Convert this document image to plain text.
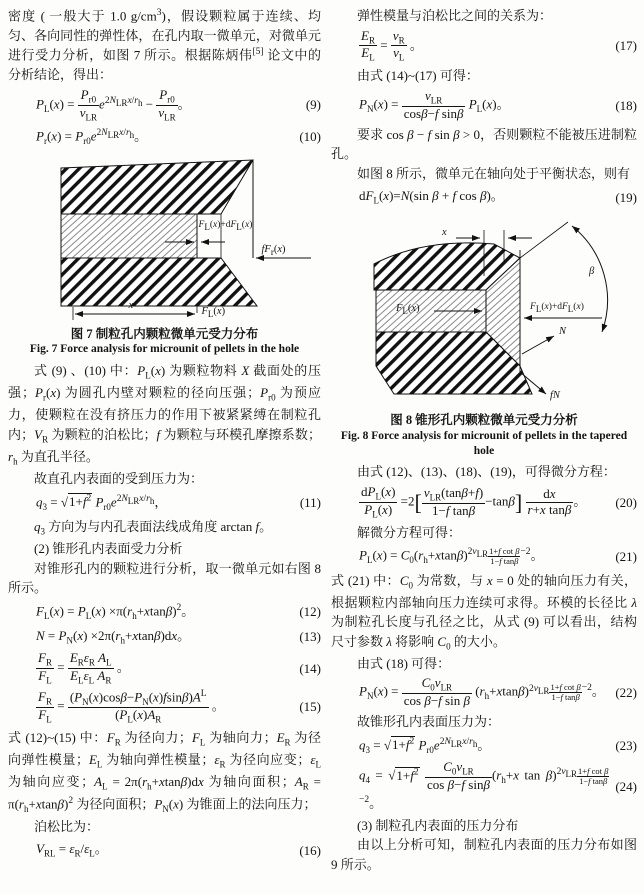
密度 ( 一般大于 1.0 $g/cm^3$)，假设颗粒属于连续、均匀、各向同性的弹性体，在孔内取一微单元，对微单元进行受力分析，如图 7 所示。根据陈炳伟[5] 论文中的分析结论，得出：

$P_L(x) = \frac{P_{r0}}{\nu_{LR}} e^{2N_{LR}x/r_h} - \frac{P_{r0}}{\nu_{LR}}$ 。	(9)
$P_r(x) = P_{r0}e^{2N_{LR}x/r_h}$。	(10)
$F_L(x)+dF_L(x)$
$fF_r(x)$
x
$F_L(x)$
图 7 制粒孔内颗粒微单元受力分布
Fig. 7 Force analysis for microunit of pellets in the hole

式 (9) 、(10) 中：$P_L(x)$ 为颗粒物料 X 截面处的压强；$P_r(x)$ 为圆孔内壁对颗粒的径向压强；$P_{r0}$ 为预应力，使颗粒在没有挤压力的作用下被紧紧缚在制粒孔内；$V_R$ 为颗粒的泊松比；f 为颗粒与环模孔摩擦系数；$r_h$ 为直孔半径。

故直孔内表面的受到压力为：

$q_3 = √1+f^2$ $P_{r0}e^{2N_{LR}x/r_h}$，	(11)

$q_3$ 方向为与内孔表面法线成角度 arctan f。

(2) 锥形孔内表面受力分析

对锥形孔内的颗粒进行分析，取一微单元如右图 8 所示。

$F_L(x) = P_L(x) \times\pi(r_h+xtan\beta)^2$。	(12)
$N = P_N(x) \times 2\pi(r_h+xtan\beta)dx$。	(13)
$\frac{F_R}{F_L} = \frac{E_R\varepsilon_R A_L}{E_L\varepsilon_L A_R}$ 。	(14)
$\frac{F_R}{F_L} = \frac{(P_N(x)\cos\beta-P_N(x)fsin\beta)A^L}{(P_L(x)A_R}$ 。	(15)

式 (12)~(15) 中：$F_R$ 为径向力；$F_L$ 为轴向力；$E_R$ 为径向弹性模量；$E_L$ 为轴向弹性模量；$\varepsilon_R$ 为径向应变；$\varepsilon_L$ 为轴向应变；$A_L = 2\pi(r_h+xtan\beta)dx$ 为轴向面积；$A_R = \pi(r_h+xtan\beta)^2$ 为径向面积；$P_N(x)$ 为锥面上的法向压力；

泊松比为：

$V_{RL} = \varepsilon_R/\varepsilon_L$。	(16)

弹性模量与泊松比之间的关系为：

$\frac{E_R}{E_L} = \frac{\nu_R}{\nu_L}$ 。	(17)

由式 (14)~(17) 可得：

$P_N(x) = \frac{\nu_{LR}}{\text{cosβ−f sinβ}} P_L(x)$。	(18)

要求 cos β − f sin β > 0，否则颗粒不能被压进制粒孔。

如图 8 所示，微单元在轴向处于平衡状态，则有

$dF_L(x)=N(\sin$ β + f cos β)。	(19)
x
β
$F_L(x)$	$F_L(x)+dF_L(x)$
N
fN
图 8 锥形孔内颗粒微单元受力分析
Fig. 8 Force analysis for microunit of pellets in the tapered hole

由式 (12)、(13)、(18)、(19)，可得微分方程：

$\frac{dP_L(x)}{P_L(x)} =2[ \frac{\nu_{LR}(\tan\beta+f)}{\text{1−f tanβ}} -\tan\beta] \frac{dx}{\text{r+x tanβ}}$ 。	(20)

解微分方程可得：

$P_L(x) = C_0(r_h+xtan\beta)^{2\nu_{LR}} \frac{\text{1+f cot β}}{\text{1−f tanβ}} ^{-2}$。	(21)

式 (21) 中：$C_0$ 为常数，与 x = 0 处的轴向压力有关，根据颗粒内部轴向压力连续可求得。环模的长径比 λ 为制粒孔长度与孔径之比，从式 (9) 可以看出，结构尺寸参数 λ 将影响 $C_0$ 的大小。

由式 (18) 可得：

$P_N(x) = \frac{C_0\nu_{LR}}{\text{cos β−f sin β}} (r_h+xtan\beta)^{2\nu_{LR}} \frac{\text{1+f cot β}}{\text{1−f tanβ}} ^{-2}$。 (22)

故锥形孔内表面压力为：

$q_3 = √1+f^2$ $P_{r0}e^{2N_{LR}x/r_h}$。	(23)
$q_4 = √1+f^2 \frac{C_0\nu_{LR}}{\text{cos β−f sinβ}} (r_h+x$ $\tan \beta)^{2\nu_{LR}} \frac{\text{1+f cot β}}{\text{1−f tanβ}}$
$^{-2}$。
(24)

(3) 制粒孔内表面的压力分布

由以上分析可知，制粒孔内表面的压力分布如图 9 所示。
